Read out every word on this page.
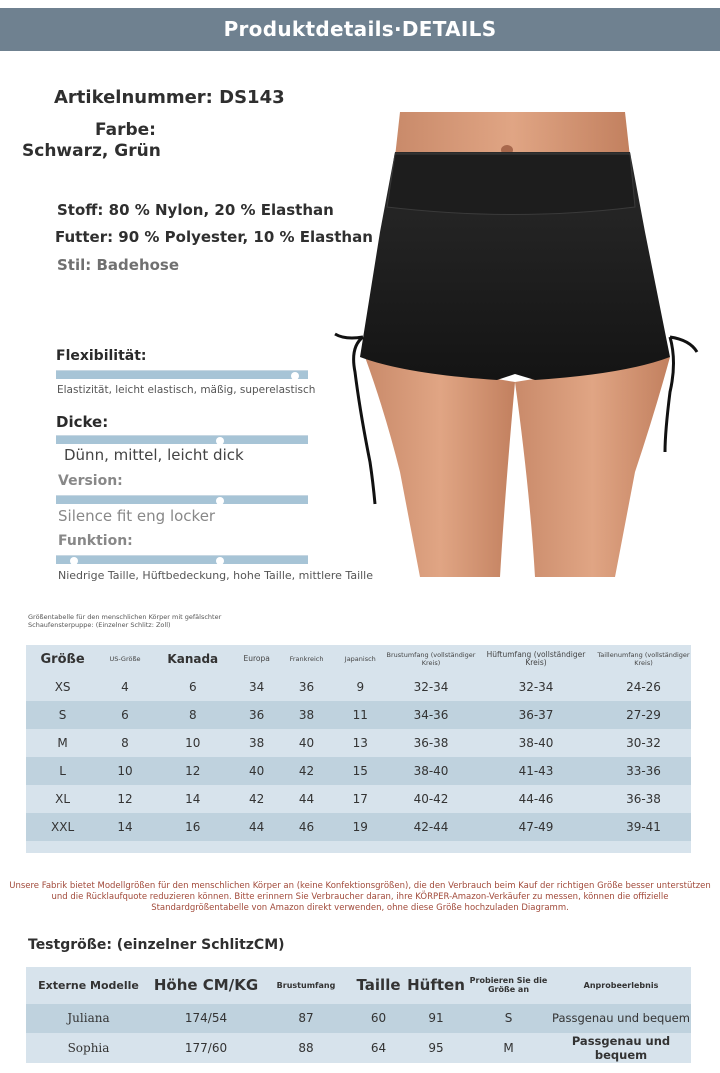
Produktdetails·DETAILS
Artikelnummer: DS143
Farbe:
Schwarz, Grün
Stoff: 80 % Nylon, 20 % Elasthan
Futter: 90 % Polyester, 10 % Elasthan
Stil: Badehose
Flexibilität:
Elastizität, leicht elastisch, mäßig, superelastisch
Dicke:
Dünn, mittel, leicht dick
Version:
Silence fit eng locker
Funktion:
Niedrige Taille, Hüftbedeckung, hohe Taille, mittlere Taille
Größentabelle für den menschlichen Körper mit gefälschter Schaufensterpuppe: (Einzelner Schlitz: Zoll)
Größe	US-Größe	Kanada	Europa	Frankreich	Japanisch	Brustumfang (vollständiger Kreis)	Hüftumfang (vollständiger Kreis)	Taillenumfang (vollständiger Kreis)
XS	4	6	34	36	9	32-34	32-34	24-26
S	6	8	36	38	11	34-36	36-37	27-29
M	8	10	38	40	13	36-38	38-40	30-32
L	10	12	40	42	15	38-40	41-43	33-36
XL	12	14	42	44	17	40-42	44-46	36-38
XXL	14	16	44	46	19	42-44	47-49	39-41

Unsere Fabrik bietet Modellgrößen für den menschlichen Körper an (keine Konfektionsgrößen), die den Verbrauch beim Kauf der richtigen Größe besser unterstützen und die Rücklaufquote reduzieren können. Bitte erinnern Sie Verbraucher daran, ihre KÖRPER-Amazon-Verkäufer zu messen, können die offizielle Standardgrößentabelle von Amazon direkt verwenden, ohne diese Größe hochzuladen Diagramm.
Testgröße: (einzelner SchlitzCM)
Externe Modelle	Höhe CM/KG	Brustumfang	Taille	Hüften	Probieren Sie die Größe an	Anprobeerlebnis
Juliana	174/54	87	60	91	S	Passgenau und bequem
Sophia	177/60	88	64	95	M	Passgenau und bequem
